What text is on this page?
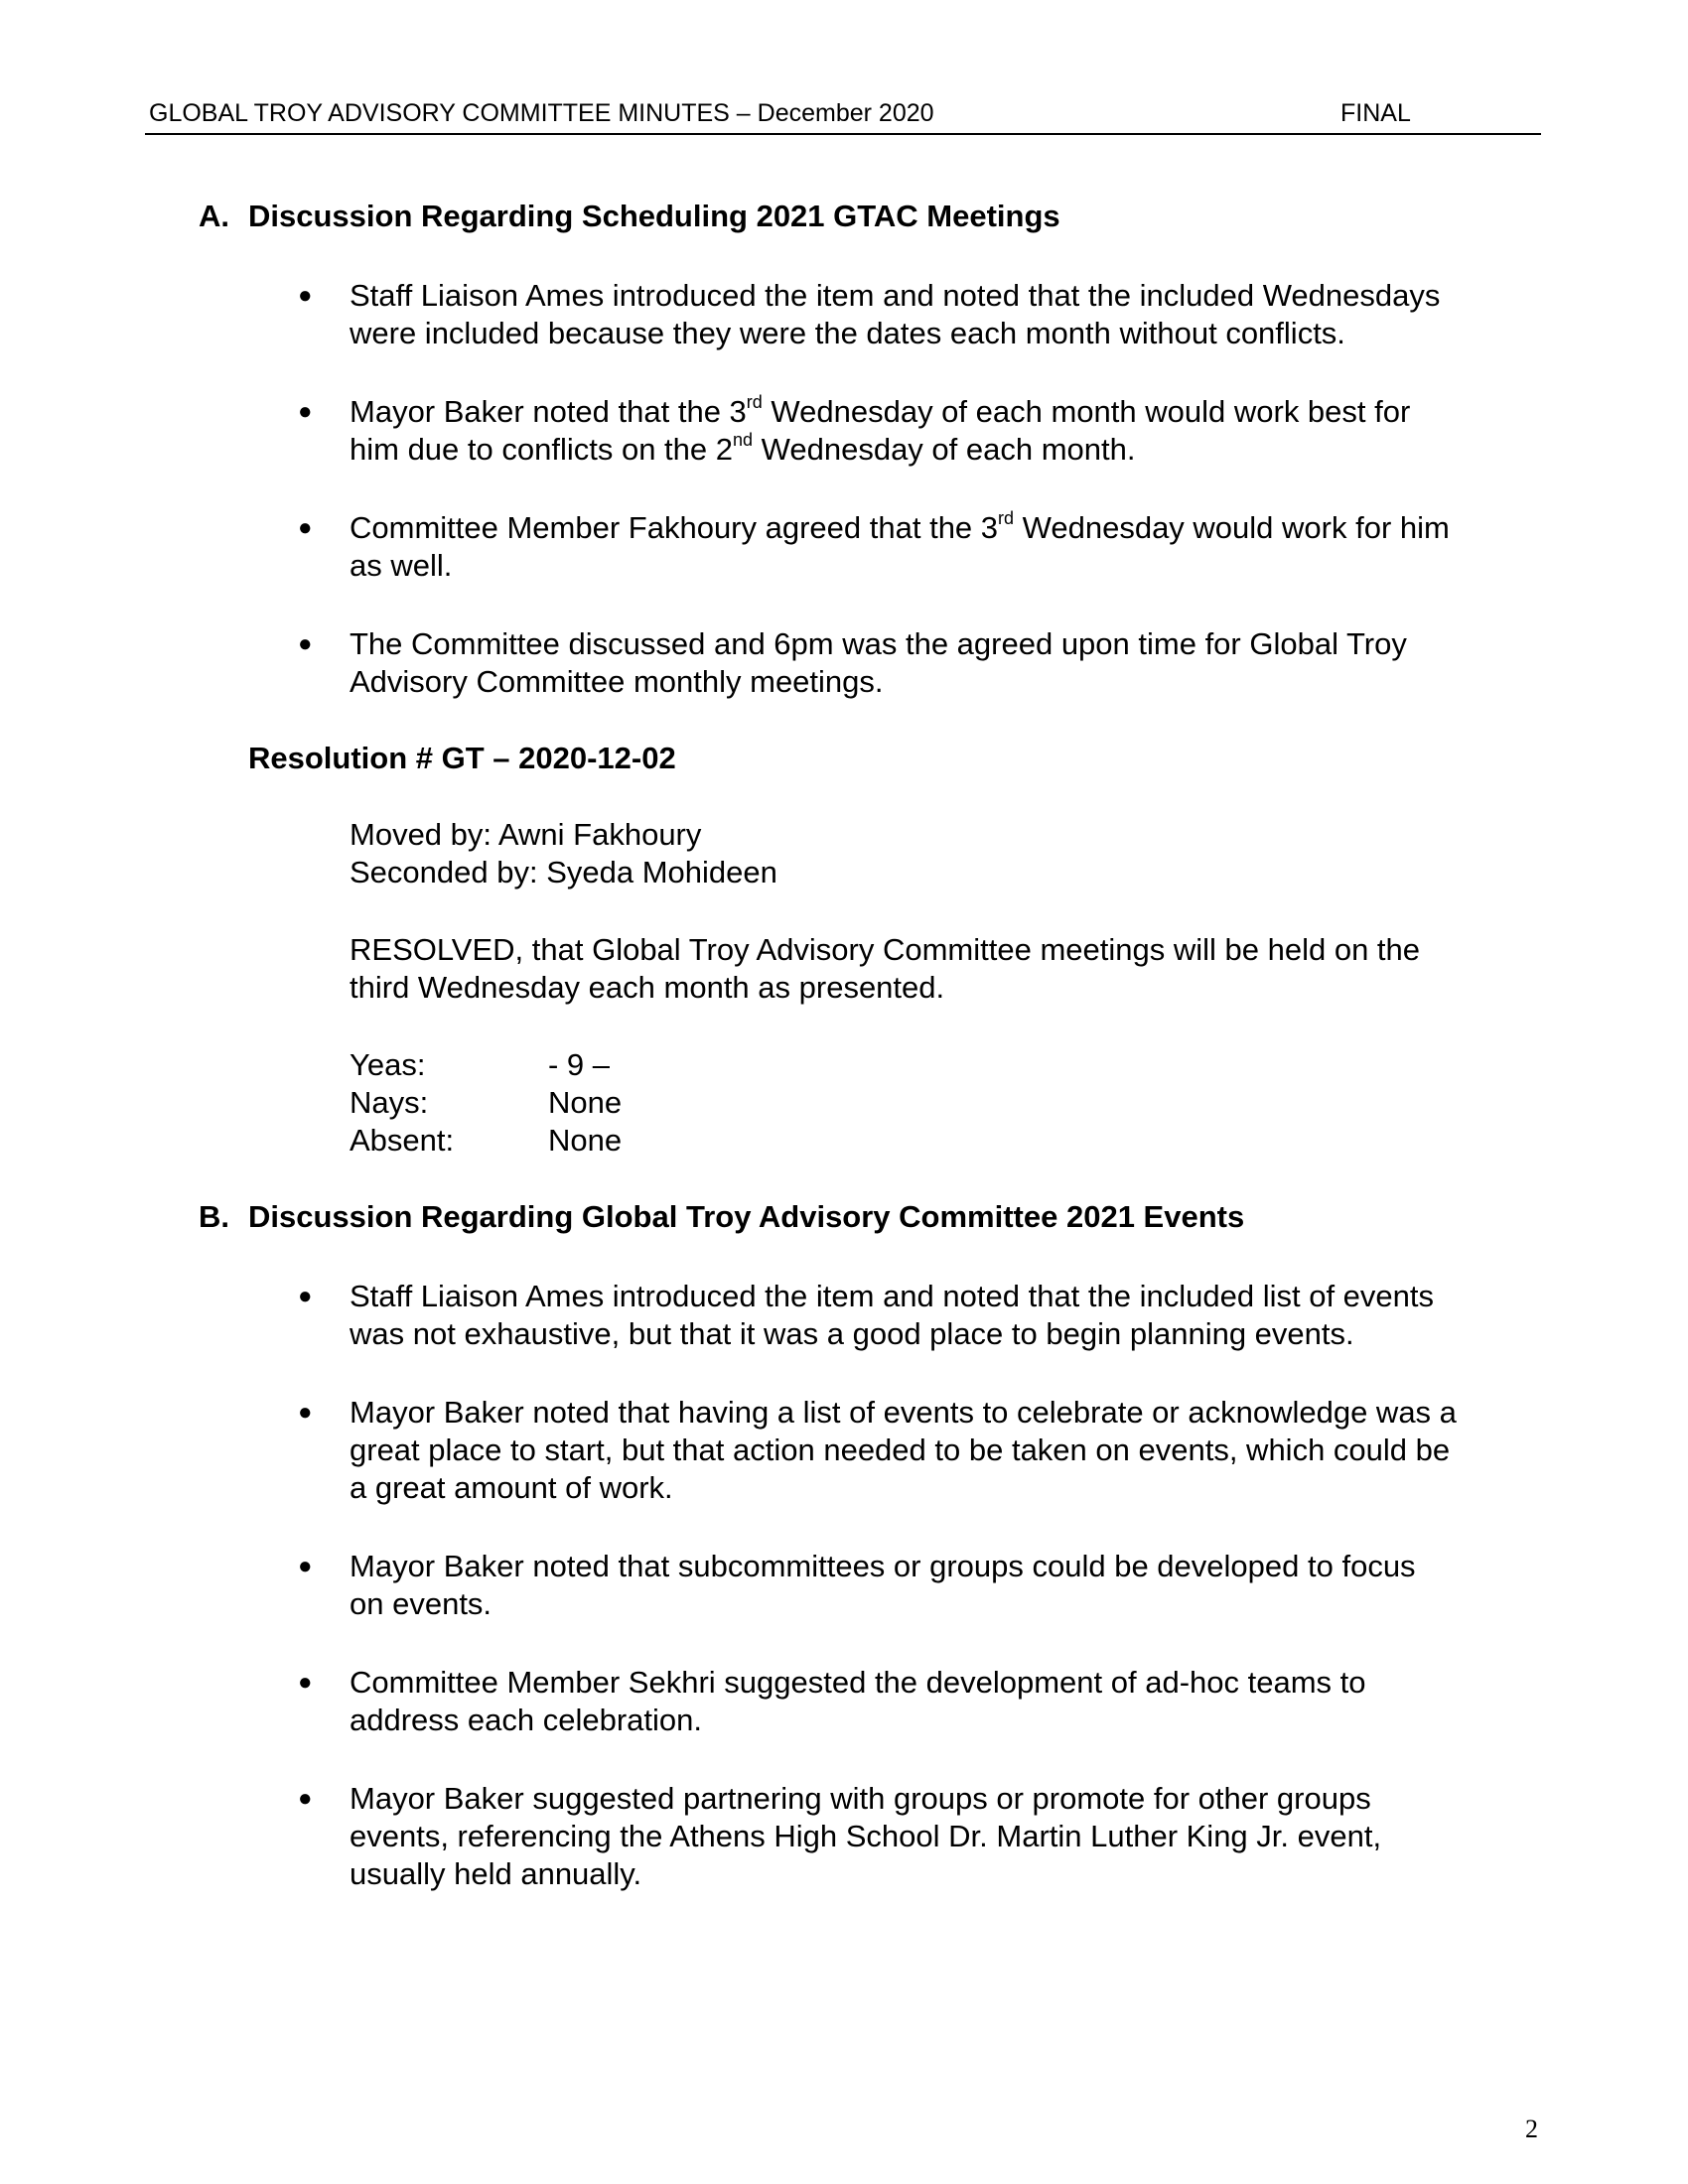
GLOBAL TROY ADVISORY COMMITTEE MINUTES – December 2020	FINAL
A. Discussion Regarding Scheduling 2021 GTAC Meetings
● Staff Liaison Ames introduced the item and noted that the included Wednesdays
were included because they were the dates each month without conflicts.
● Mayor Baker noted that the 3rd Wednesday of each month would work best for
him due to conflicts on the 2nd Wednesday of each month.
● Committee Member Fakhoury agreed that the 3rd Wednesday would work for him
as well.
● The Committee discussed and 6pm was the agreed upon time for Global Troy
Advisory Committee monthly meetings.
Resolution # GT – 2020-12-02
Moved by: Awni Fakhoury
Seconded by: Syeda Mohideen
RESOLVED, that Global Troy Advisory Committee meetings will be held on the
third Wednesday each month as presented.
Yeas:	- 9 –
Nays:	None
Absent:	None
B. Discussion Regarding Global Troy Advisory Committee 2021 Events
● Staff Liaison Ames introduced the item and noted that the included list of events
was not exhaustive, but that it was a good place to begin planning events.
● Mayor Baker noted that having a list of events to celebrate or acknowledge was a
great place to start, but that action needed to be taken on events, which could be
a great amount of work.
● Mayor Baker noted that subcommittees or groups could be developed to focus
on events.
● Committee Member Sekhri suggested the development of ad-hoc teams to
address each celebration.
● Mayor Baker suggested partnering with groups or promote for other groups
events, referencing the Athens High School Dr. Martin Luther King Jr. event,
usually held annually.
2
